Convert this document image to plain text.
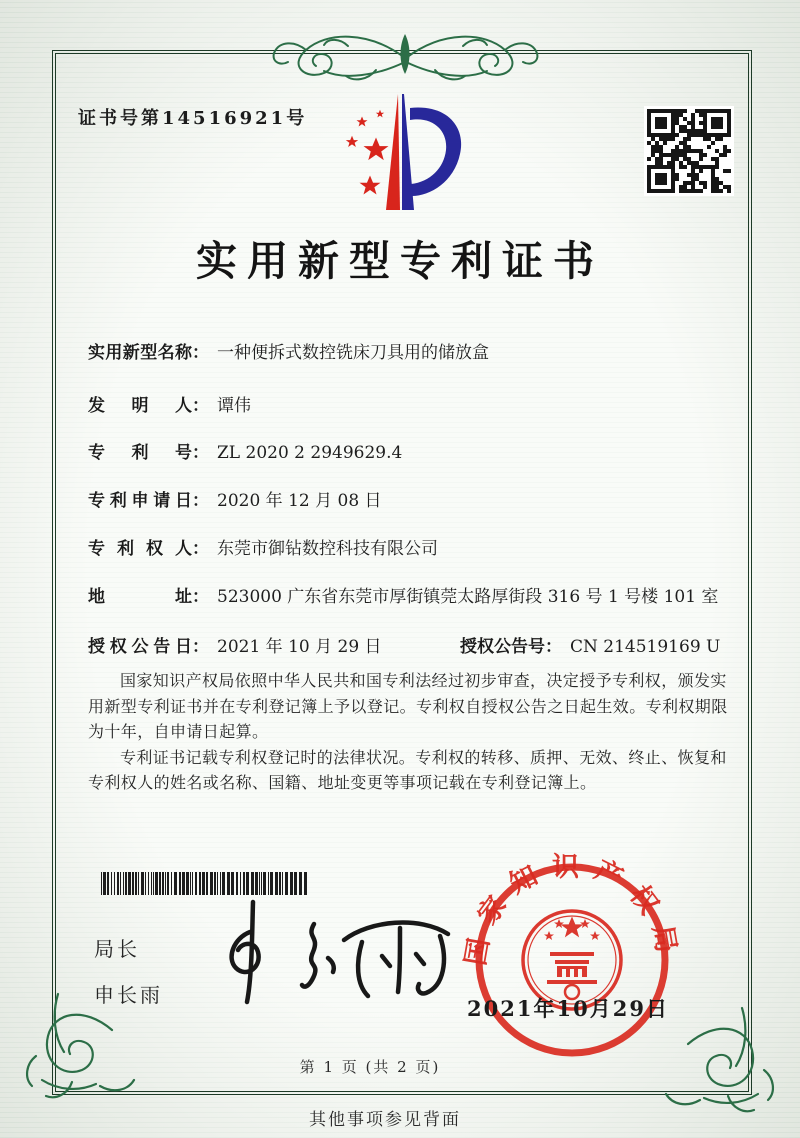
证书号第14516921号
实用新型专利证书
实用新型名称： 一种便拆式数控铣床刀具用的储放盒
发明人： 谭伟
专利号： ZL 2020 2 2949629.4
专利申请日： 2020 年 12 月 08 日
专利权人： 东莞市御钻数控科技有限公司
地址： 523000 广东省东莞市厚街镇莞太路厚街段 316 号 1 号楼 101 室
授权公告日： 2021 年 10 月 29 日	授权公告号： CN 214519169 U

国家知识产权局依照中华人民共和国专利法经过初步审查，决定授予专利权，颁发实用新型专利证书并在专利登记簿上予以登记。专利权自授权公告之日起生效。专利权期限为十年，自申请日起算。

专利证书记载专利权登记时的法律状况。专利权的转移、质押、无效、终止、恢复和专利权人的姓名或名称、国籍、地址变更等事项记载在专利登记簿上。

局长
申长雨
国家知识产权局
2021年10月29日
第 1 页 (共 2 页)
其他事项参见背面
